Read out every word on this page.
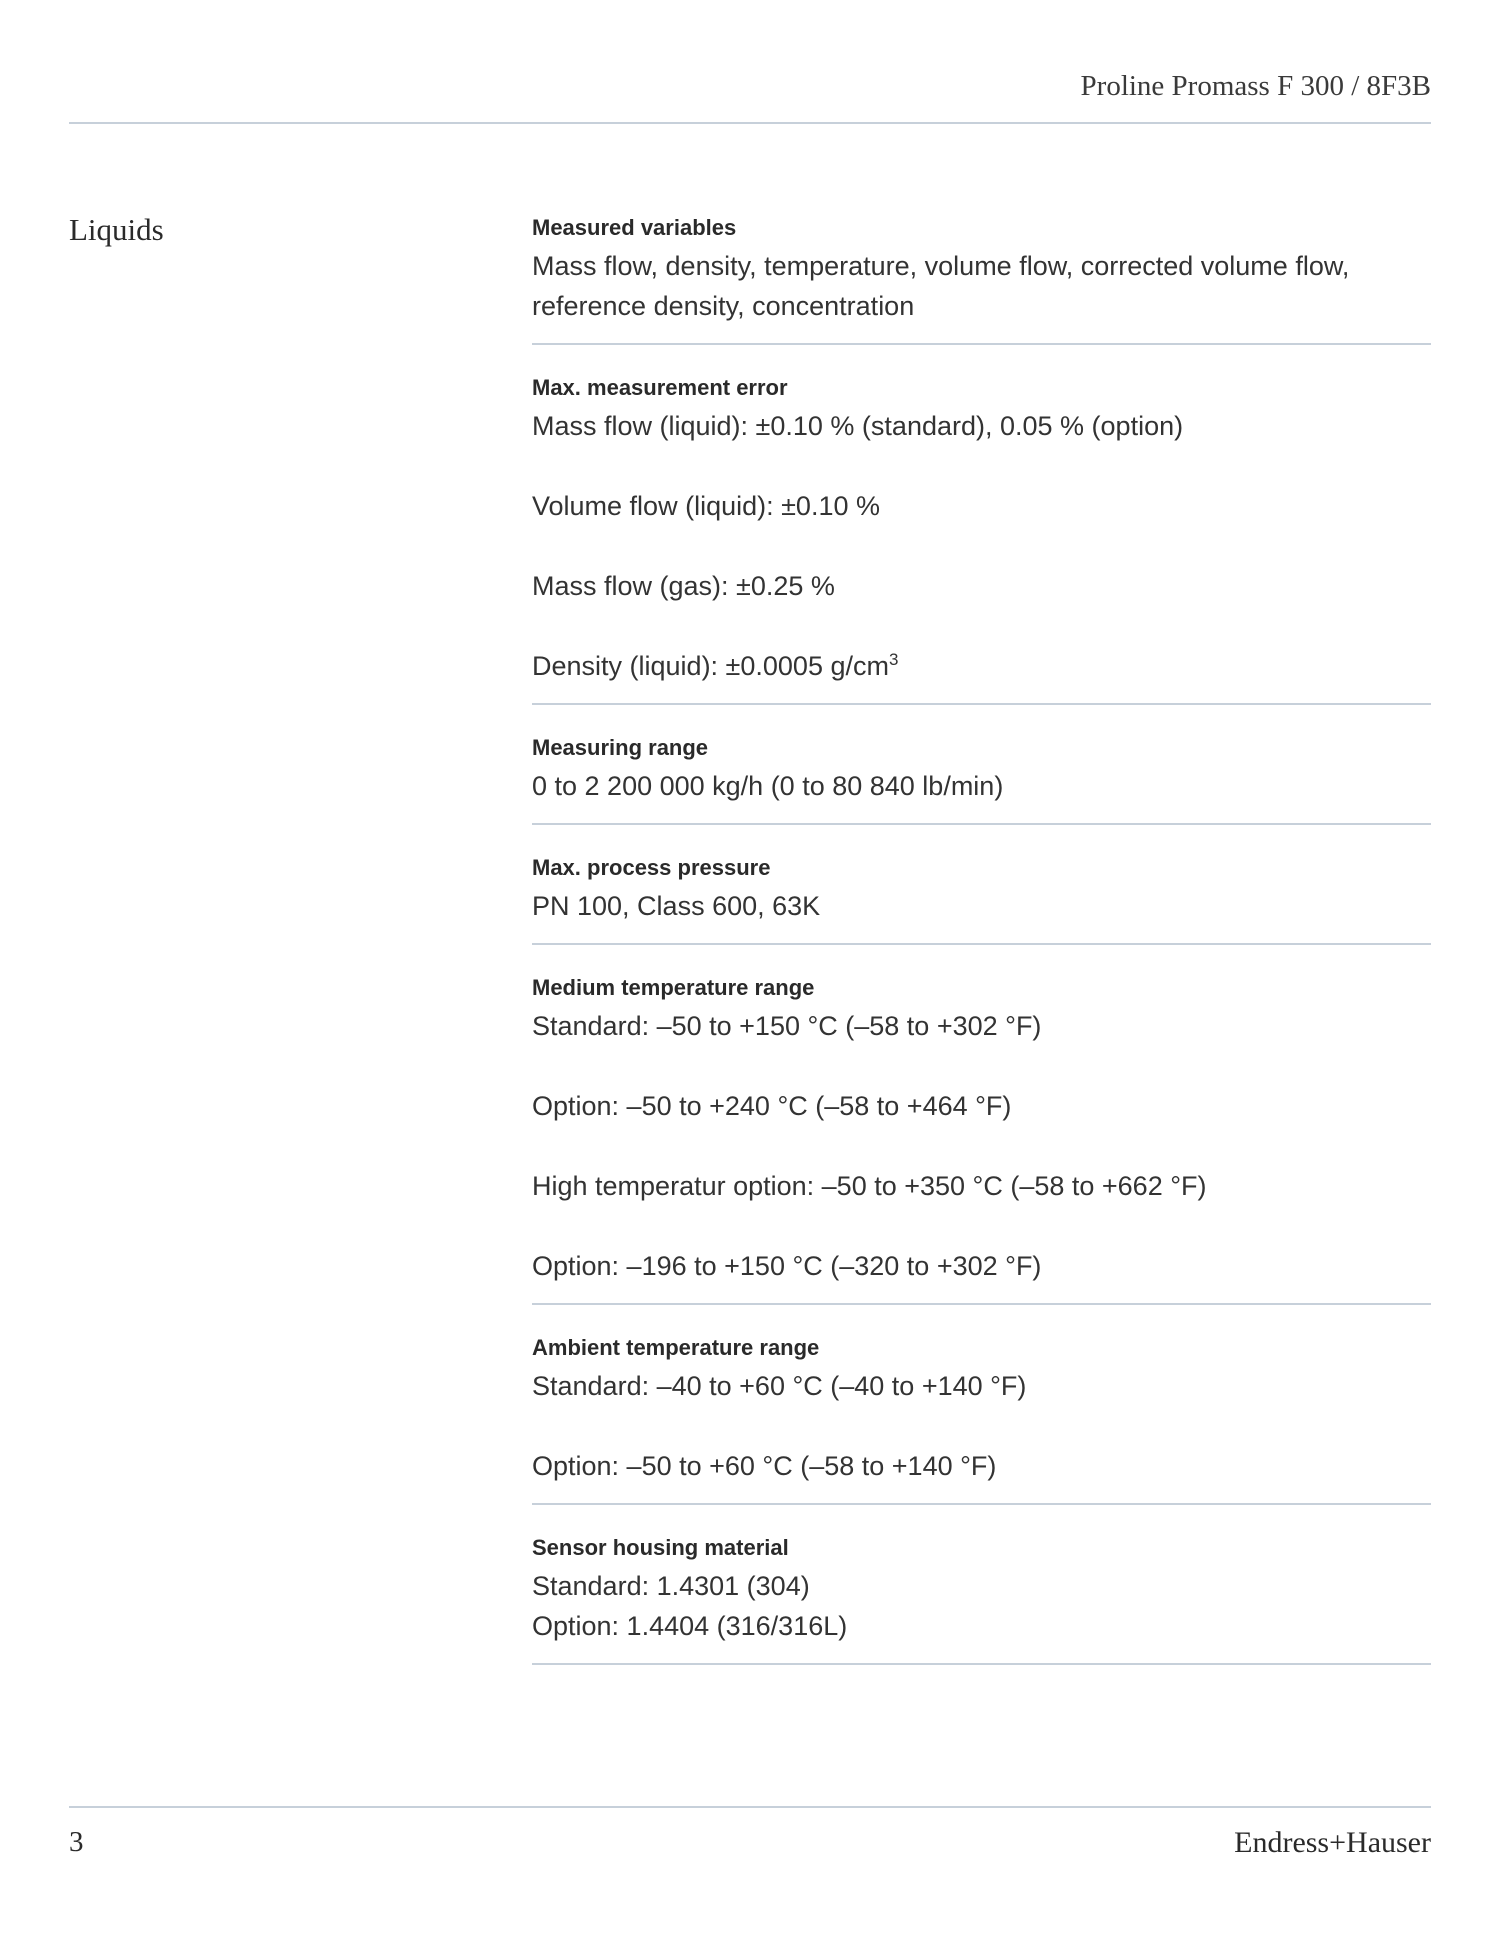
Proline Promass F 300 / 8F3B
Liquids	Measured variables
Mass flow, density, temperature, volume flow, corrected volume flow,
reference density, concentration
Max. measurement error
Mass flow (liquid): ±0.10 % (standard), 0.05 % (option)
Volume flow (liquid): ±0.10 %
Mass flow (gas): ±0.25 %
Density (liquid): ±0.0005 $g/cm^3$
Measuring range
0 to 2 200 000 kg/h (0 to 80 840 lb/min)
Max. process pressure
PN 100, Class 600, 63K
Medium temperature range
Standard: –50 to +150 °C (–58 to +302 °F)
Option: –50 to +240 °C (–58 to +464 °F)
High temperatur option: –50 to +350 °C (–58 to +662 °F)
Option: –196 to +150 °C (–320 to +302 °F)
Ambient temperature range
Standard: –40 to +60 °C (–40 to +140 °F)
Option: –50 to +60 °C (–58 to +140 °F)
Sensor housing material
Standard: 1.4301 (304)
Option: 1.4404 (316/316L)
3	Endress+Hauser
